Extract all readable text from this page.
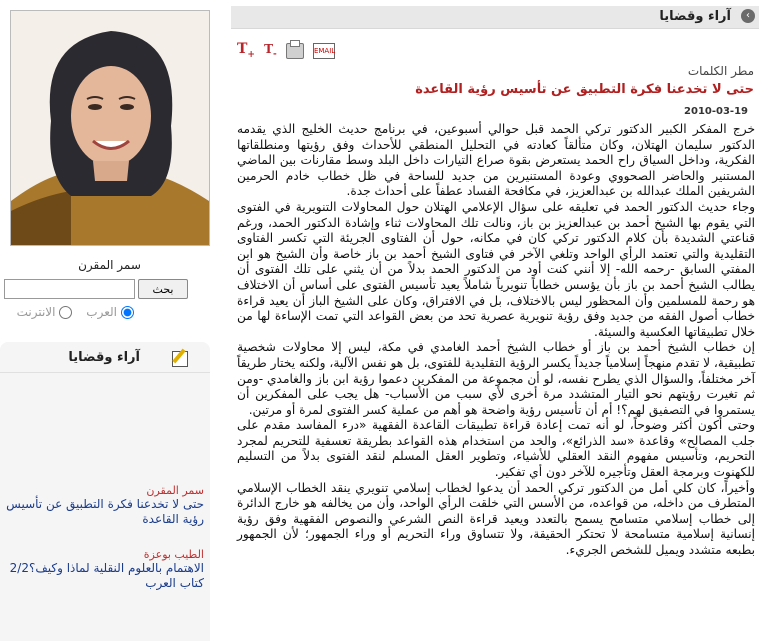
‹
آراء وقضايا
$T_+$ $T_-$	EMAIL
مطر الكلمات
حتى لا تخدعنا فكرة التطبيق عن تأسيس رؤية القاعدة
2010-03-19

خرج المفكر الكبير الدكتور تركي الحمد قبل حوالي أسبوعين، في برنامج حديث الخليج الذي يقدمه الدكتور سليمان الهتلان، وكان متألقاً كعادته في التحليل المنطقي للأحداث وفق رؤيتها ومنطلقاتها الفكرية، وداخل السياق راح الحمد يستعرض بقوة صراع التيارات داخل البلد وسط مقارنات بين الماضي المستنير والحاضر الصحووي وعودة المستنيرين من جديد للساحة في ظل خطاب خادم الحرمين الشريفين الملك عبدالله بن عبدالعزيز، في مكافحة الفساد عطفاً على أحداث جدة.

وجاء حديث الدكتور الحمد في تعليقه على سؤال الإعلامي الهتلان حول المحاولات التنويرية في الفتوى التي يقوم بها الشيخ أحمد بن عبدالعزيز بن باز، ونالت تلك المحاولات ثناء وإشادة الدكتور الحمد، ورغم قناعتي الشديدة بأن كلام الدكتور تركي كان في مكانه، حول أن الفتاوى الجريئة التي تكسر الفتاوى التقليدية والتي تعتمد الرأي الواحد وتلغي الآخر في فتاوى الشيخ أحمد بن باز خاصة وأن الشيخ هو ابن المفتي السابق -رحمه الله- إلا أنني كنت أود من الدكتور الحمد بدلاً من أن يثني على تلك الفتوى أن يطالب الشيخ أحمد بن باز بأن يؤسس خطاباً تنويرياً شاملاً يعيد تأسيس الفتوى على أساس أن الاختلاف هو رحمة للمسلمين وأن المحظور ليس بالاختلاف، بل في الافتراق، وكان على الشيخ الباز أن يعيد قراءة خطاب أصول الفقه من جديد وفق رؤية تنويرية عصرية تحد من بعض القواعد التي تمت الإساءة لها من خلال تطبيقاتها العكسية والسيئة.

إن خطاب الشيخ أحمد بن باز أو خطاب الشيخ أحمد الغامدي في مكة، ليس إلا محاولات شخصية تطبيقية، لا تقدم منهجاً إسلامياً جديداً يكسر الرؤية التقليدية للفتوى، بل هو نفس الآلية، ولكنه يختار طريقاً آخر مختلفاً، والسؤال الذي يطرح نفسه، لو أن مجموعة من المفكرين دعموا رؤية ابن باز والغامدي -ومن ثم تغيرت رؤيتهم نحو التيار المتشدد مرة أخرى لأي سبب من الأسباب- هل يجب على المفكرين أن يستمروا في التصفيق لهم؟! أم أن تأسيس رؤية واضحة هو أهم من عملية كسر الفتوى لمرة أو مرتين.

وحتى أكون أكثر وضوحاً، لو أنه تمت إعادة قراءة تطبيقات القاعدة الفقهية «درء المفاسد مقدم على جلب المصالح» وقاعدة «سد الذرائع»، والحد من استخدام هذه القواعد بطريقة تعسفية للتحريم لمجرد التحريم، وتأسيس مفهوم النقد العقلي للأشياء، وتطوير العقل المسلم لنقد الفتوى بدلاً من التسليم للكهنوت وبرمجة العقل وتأجيره للآخر دون أي تفكير.

وأخيراً، كان كلي أمل من الدكتور تركي الحمد أن يدعوا لخطاب إسلامي تنويري ينقد الخطاب الإسلامي المتطرف من داخله، من قواعده، من الأسس التي خلقت الرأي الواحد، وأن من يخالفه هو خارج الدائرة إلى خطاب إسلامي متسامح يسمح بالتعدد ويعيد قراءة النص الشرعي والنصوص الفقهية وفق رؤية إنسانية إسلامية متسامحة لا تحتكر الحقيقة، ولا تتساوق وراء التحريم أو وراء الجمهور؛ لأن الجمهور بطبعه متشدد ويميل للشخص الجريء.

سمر المقرن
بحث
العرب الانترنت
آراء وقضايا
سمر المقرن
حتى لا تخدعنا فكرة التطبيق عن تأسيس رؤية القاعدة
الطيب بوعزة
الاهتمام بالعلوم النقلية لماذا وكيف؟2/2 كتاب العرب
